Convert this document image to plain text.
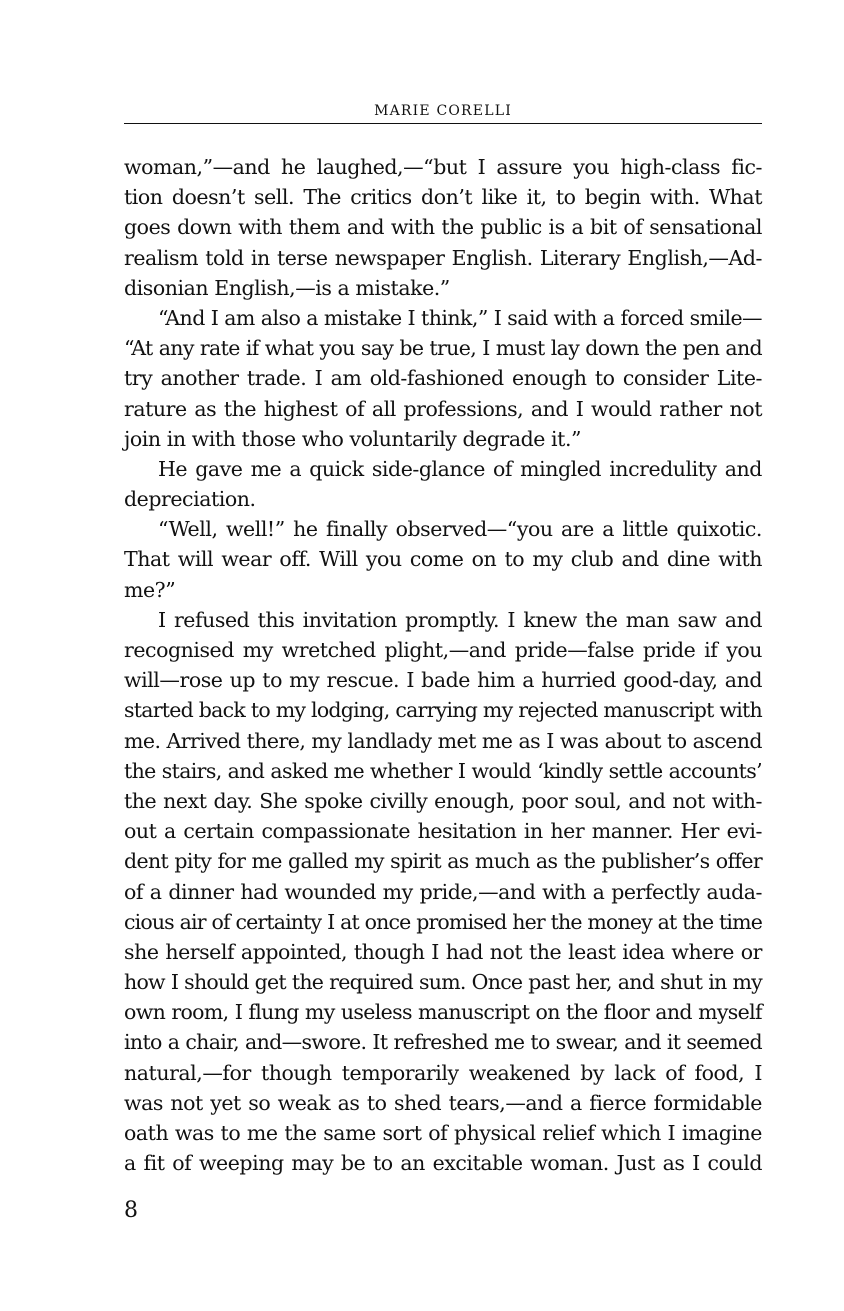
MARIE CORELLI
woman,”—and he laughed,—“but I assure you high-class fic-
tion doesn’t sell. The critics don’t like it, to begin with. What
goes down with them and with the public is a bit of sensational
realism told in terse newspaper English. Literary English,—Ad-
disonian English,—is a mistake.”
“And I am also a mistake I think,” I said with a forced smile—
“At any rate if what you say be true, I must lay down the pen and
try another trade. I am old-fashioned enough to consider Lite-
rature as the highest of all professions, and I would rather not
join in with those who voluntarily degrade it.”
He gave me a quick side-glance of mingled incredulity and
depreciation.
“Well, well!” he finally observed—“you are a little quixotic.
That will wear off. Will you come on to my club and dine with
me?”
I refused this invitation promptly. I knew the man saw and
recognised my wretched plight,—and pride—false pride if you
will—rose up to my rescue. I bade him a hurried good-day, and
started back to my lodging, carrying my rejected manuscript with
me. Arrived there, my landlady met me as I was about to ascend
the stairs, and asked me whether I would ‘kindly settle accounts’
the next day. She spoke civilly enough, poor soul, and not with-
out a certain compassionate hesitation in her manner. Her evi-
dent pity for me galled my spirit as much as the publisher’s offer
of a dinner had wounded my pride,—and with a perfectly auda-
cious air of certainty I at once promised her the money at the time
she herself appointed, though I had not the least idea where or
how I should get the required sum. Once past her, and shut in my
own room, I flung my useless manuscript on the floor and myself
into a chair, and—swore. It refreshed me to swear, and it seemed
natural,—for though temporarily weakened by lack of food, I
was not yet so weak as to shed tears,—and a fierce formidable
oath was to me the same sort of physical relief which I imagine
a fit of weeping may be to an excitable woman. Just as I could
8
